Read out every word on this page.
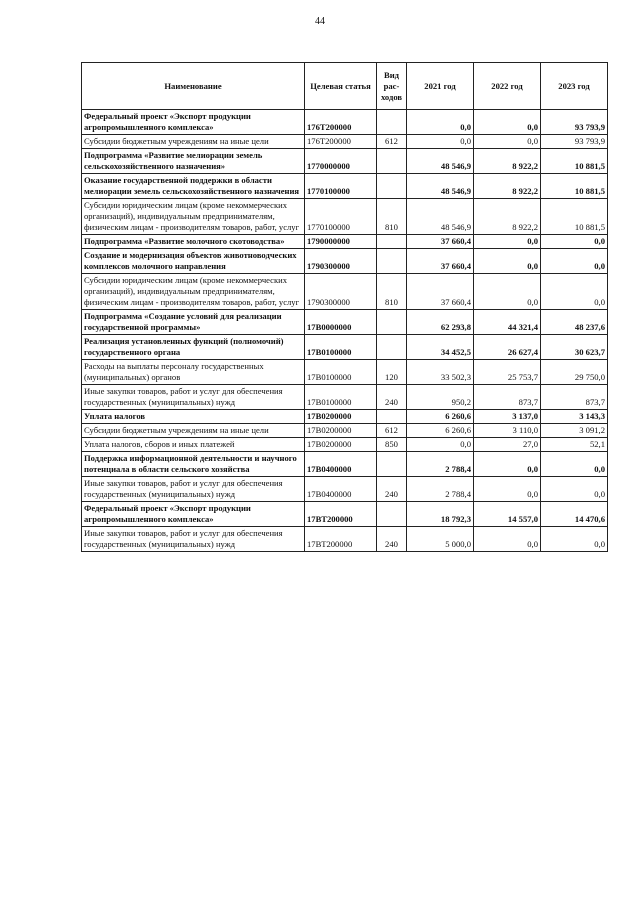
44
Наименование	Целевая статья	Вид рас-ходов	2021 год	2022 год	2023 год
Федеральный проект «Экспорт продукции агропромышленного комплекса»	176Т200000		0,0	0,0	93 793,9
Субсидии бюджетным учреждениям на иные цели	176Т200000	612	0,0	0,0	93 793,9
Подпрограмма «Развитие мелиорации земель сельскохозяйственного назначения»	1770000000		48 546,9	8 922,2	10 881,5
Оказание государственной поддержки в области мелиорации земель сельскохозяйственного назначения	1770100000		48 546,9	8 922,2	10 881,5
Субсидии юридическим лицам (кроме некоммерческих организаций), индивидуальным предпринимателям, физическим лицам - производителям товаров, работ, услуг	1770100000	810	48 546,9	8 922,2	10 881,5
Подпрограмма «Развитие молочного скотоводства»	1790000000		37 660,4	0,0	0,0
Создание и модернизация объектов животноводческих комплексов молочного направления	1790300000		37 660,4	0,0	0,0
Субсидии юридическим лицам (кроме некоммерческих организаций), индивидуальным предпринимателям, физическим лицам - производителям товаров, работ, услуг	1790300000	810	37 660,4	0,0	0,0
Подпрограмма «Создание условий для реализации государственной программы»	17В0000000		62 293,8	44 321,4	48 237,6
Реализация установленных функций (полномочий) государственного органа	17В0100000		34 452,5	26 627,4	30 623,7
Расходы на выплаты персоналу государственных (муниципальных) органов	17В0100000	120	33 502,3	25 753,7	29 750,0
Иные закупки товаров, работ и услуг для обеспечения государственных (муниципальных) нужд	17В0100000	240	950,2	873,7	873,7
Уплата налогов	17В0200000		6 260,6	3 137,0	3 143,3
Субсидии бюджетным учреждениям на иные цели	17В0200000	612	6 260,6	3 110,0	3 091,2
Уплата налогов, сборов и иных платежей	17В0200000	850	0,0	27,0	52,1
Поддержка информационной деятельности и научного потенциала в области сельского хозяйства	17В0400000		2 788,4	0,0	0,0
Иные закупки товаров, работ и услуг для обеспечения государственных (муниципальных) нужд	17В0400000	240	2 788,4	0,0	0,0
Федеральный проект «Экспорт продукции агропромышленного комплекса»	17ВТ200000		18 792,3	14 557,0	14 470,6
Иные закупки товаров, работ и услуг для обеспечения государственных (муниципальных) нужд	17ВТ200000	240	5 000,0	0,0	0,0
